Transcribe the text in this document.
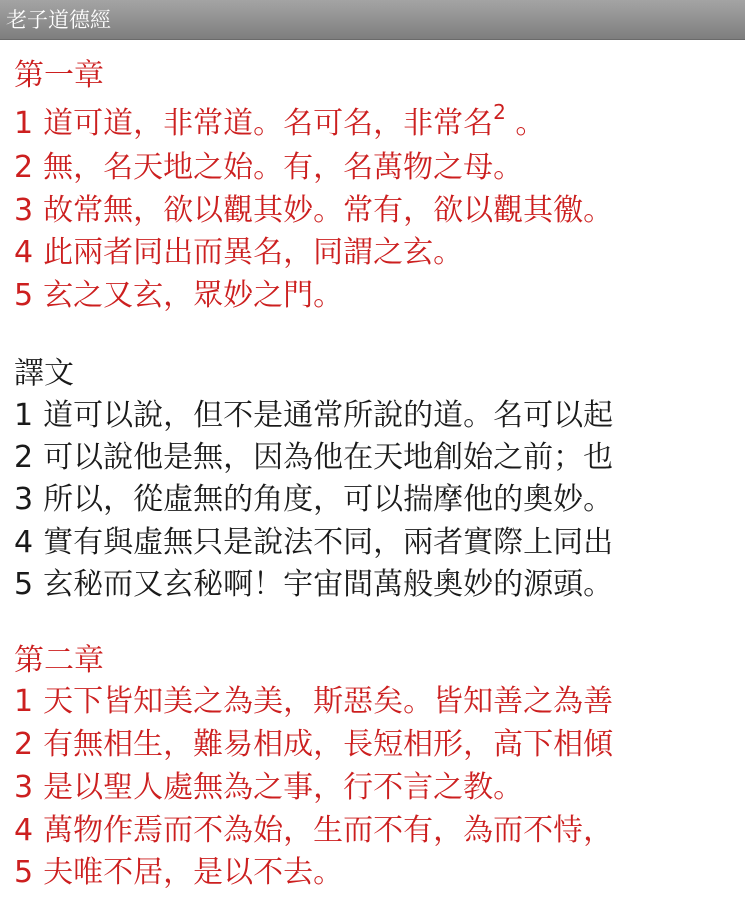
老子道德經
第一章
1 道可道，非常道。名可名，非常名$^2$ 。
2 無，名天地之始。有，名萬物之母。
3 故常無，欲以觀其妙。常有，欲以觀其徼。
4 此兩者同出而異名，同謂之玄。
5 玄之又玄，眾妙之門。
譯文
1 道可以說，但不是通常所說的道。名可以起
2 可以說他是無，因為他在天地創始之前；也
3 所以，從虛無的角度，可以揣摩他的奧妙。
4 實有與虛無只是說法不同，兩者實際上同出
5 玄秘而又玄秘啊！宇宙間萬般奧妙的源頭。
第二章
1 天下皆知美之為美，斯惡矣。皆知善之為善
2 有無相生，難易相成，長短相形，高下相傾
3 是以聖人處無為之事，行不言之教。
4 萬物作焉而不為始，生而不有，為而不恃，
5 夫唯不居，是以不去。
